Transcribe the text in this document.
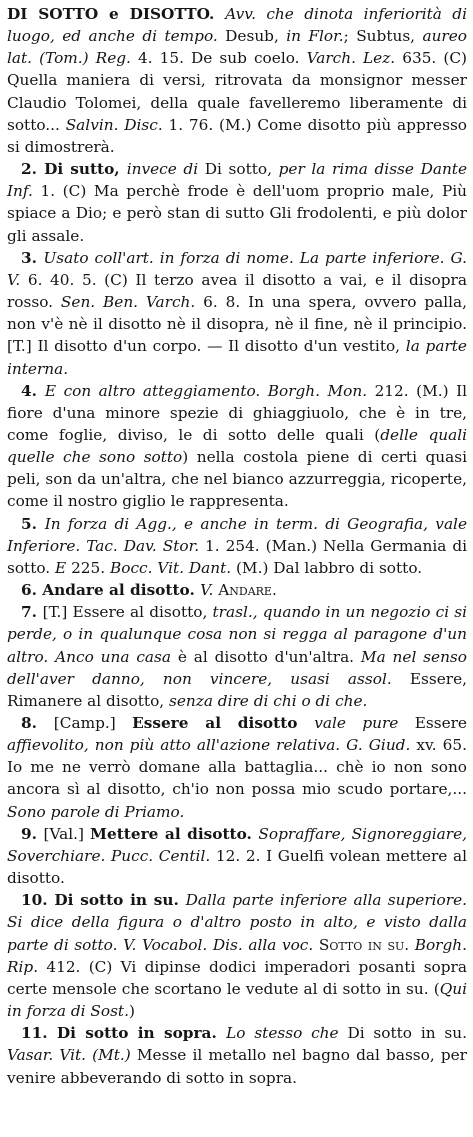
DI SOTTO e DISOTTO. Avv. che dinota inferiorità di luogo, ed anche di tempo. Desub, in Flor.; Subtus, aureo lat. (Tom.) Reg. 4. 15. De sub coelo. Varch. Lez. 635. (C) Quella maniera di versi, ritrovata da monsignor messer Claudio Tolomei, della quale favelleremo liberamente di sotto... Salvin. Disc. 1. 76. (M.) Come disotto più appresso si dimostrerà.

2. Di sutto, invece di Di sotto, per la rima disse Dante Inf. 1. (C) Ma perchè frode è dell'uom proprio male, Più spiace a Dio; e però stan di sutto Gli frodolenti, e più dolor gli assale.

3. Usato coll'art. in forza di nome. La parte inferiore. G. V. 6. 40. 5. (C) Il terzo avea il disotto a vai, e il disopra rosso. Sen. Ben. Varch. 6. 8. In una spera, ovvero palla, non v'è nè il disotto nè il disopra, nè il fine, nè il principio. [T.] Il disotto d'un corpo. — Il disotto d'un vestito, la parte interna.

4. E con altro atteggiamento. Borgh. Mon. 212. (M.) Il fiore d'una minore spezie di ghiaggiuolo, che è in tre, come foglie, diviso, le di sotto delle quali (delle quali quelle che sono sotto) nella costola piene di certi quasi peli, son da un'altra, che nel bianco azzurreggia, ricoperte, come il nostro giglio le rappresenta.

5. In forza di Agg., e anche in term. di Geografia, vale Inferiore. Tac. Dav. Stor. 1. 254. (Man.) Nella Germania di sotto. E 225. Bocc. Vit. Dant. (M.) Dal labbro di sotto.

6. Andare al disotto. V. Andare.

7. [T.] Essere al disotto, trasl., quando in un negozio ci si perde, o in qualunque cosa non si regga al paragone d'un altro. Anco una casa è al disotto d'un'altra. Ma nel senso dell'aver danno, non vincere, usasi assol. Essere, Rimanere al disotto, senza dire di chi o di che.

8. [Camp.] Essere al disotto vale pure Essere affievolito, non più atto all'azione relativa. G. Giud. xv. 65. Io me ne verrò domane alla battaglia... chè io non sono ancora sì al disotto, ch'io non possa mio scudo portare,... Sono parole di Priamo.

9. [Val.] Mettere al disotto. Sopraffare, Signoreggiare, Soverchiare. Pucc. Centil. 12. 2. I Guelfi volean mettere al disotto.

10. Di sotto in su. Dalla parte inferiore alla superiore. Si dice della figura o d'altro posto in alto, e visto dalla parte di sotto. V. Vocabol. Dis. alla voc. Sotto in su. Borgh. Rip. 412. (C) Vi dipinse dodici imperadori posanti sopra certe mensole che scortano le vedute al di sotto in su. (Qui in forza di Sost.)

11. Di sotto in sopra. Lo stesso che Di sotto in su. Vasar. Vit. (Mt.) Messe il metallo nel bagno dal basso, per venire abbeverando di sotto in sopra.
